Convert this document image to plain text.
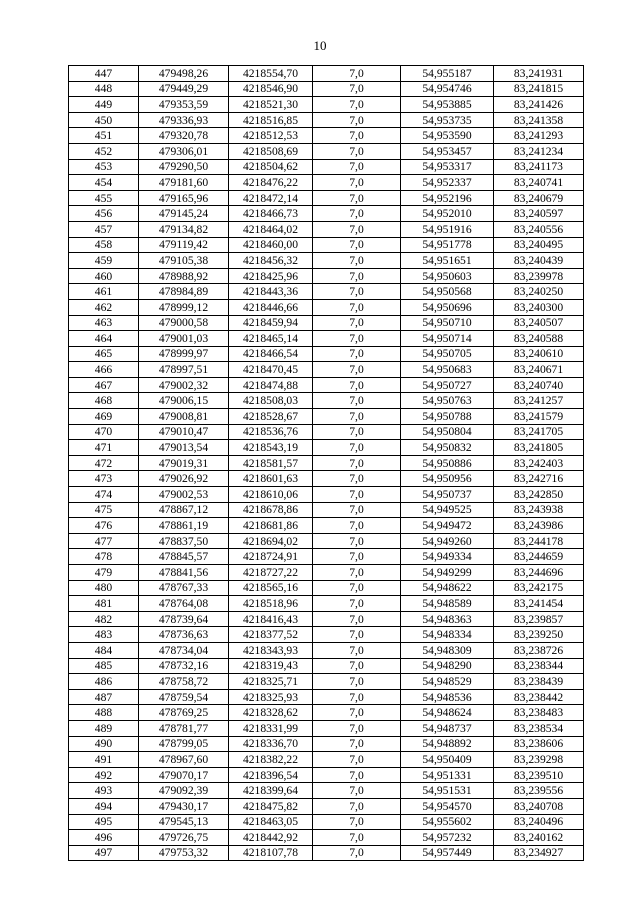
10
447	479498,26	4218554,70	7,0	54,955187	83,241931
448	479449,29	4218546,90	7,0	54,954746	83,241815
449	479353,59	4218521,30	7,0	54,953885	83,241426
450	479336,93	4218516,85	7,0	54,953735	83,241358
451	479320,78	4218512,53	7,0	54,953590	83,241293
452	479306,01	4218508,69	7,0	54,953457	83,241234
453	479290,50	4218504,62	7,0	54,953317	83,241173
454	479181,60	4218476,22	7,0	54,952337	83,240741
455	479165,96	4218472,14	7,0	54,952196	83,240679
456	479145,24	4218466,73	7,0	54,952010	83,240597
457	479134,82	4218464,02	7,0	54,951916	83,240556
458	479119,42	4218460,00	7,0	54,951778	83,240495
459	479105,38	4218456,32	7,0	54,951651	83,240439
460	478988,92	4218425,96	7,0	54,950603	83,239978
461	478984,89	4218443,36	7,0	54,950568	83,240250
462	478999,12	4218446,66	7,0	54,950696	83,240300
463	479000,58	4218459,94	7,0	54,950710	83,240507
464	479001,03	4218465,14	7,0	54,950714	83,240588
465	478999,97	4218466,54	7,0	54,950705	83,240610
466	478997,51	4218470,45	7,0	54,950683	83,240671
467	479002,32	4218474,88	7,0	54,950727	83,240740
468	479006,15	4218508,03	7,0	54,950763	83,241257
469	479008,81	4218528,67	7,0	54,950788	83,241579
470	479010,47	4218536,76	7,0	54,950804	83,241705
471	479013,54	4218543,19	7,0	54,950832	83,241805
472	479019,31	4218581,57	7,0	54,950886	83,242403
473	479026,92	4218601,63	7,0	54,950956	83,242716
474	479002,53	4218610,06	7,0	54,950737	83,242850
475	478867,12	4218678,86	7,0	54,949525	83,243938
476	478861,19	4218681,86	7,0	54,949472	83,243986
477	478837,50	4218694,02	7,0	54,949260	83,244178
478	478845,57	4218724,91	7,0	54,949334	83,244659
479	478841,56	4218727,22	7,0	54,949299	83,244696
480	478767,33	4218565,16	7,0	54,948622	83,242175
481	478764,08	4218518,96	7,0	54,948589	83,241454
482	478739,64	4218416,43	7,0	54,948363	83,239857
483	478736,63	4218377,52	7,0	54,948334	83,239250
484	478734,04	4218343,93	7,0	54,948309	83,238726
485	478732,16	4218319,43	7,0	54,948290	83,238344
486	478758,72	4218325,71	7,0	54,948529	83,238439
487	478759,54	4218325,93	7,0	54,948536	83,238442
488	478769,25	4218328,62	7,0	54,948624	83,238483
489	478781,77	4218331,99	7,0	54,948737	83,238534
490	478799,05	4218336,70	7,0	54,948892	83,238606
491	478967,60	4218382,22	7,0	54,950409	83,239298
492	479070,17	4218396,54	7,0	54,951331	83,239510
493	479092,39	4218399,64	7,0	54,951531	83,239556
494	479430,17	4218475,82	7,0	54,954570	83,240708
495	479545,13	4218463,05	7,0	54,955602	83,240496
496	479726,75	4218442,92	7,0	54,957232	83,240162
497	479753,32	4218107,78	7,0	54,957449	83,234927
